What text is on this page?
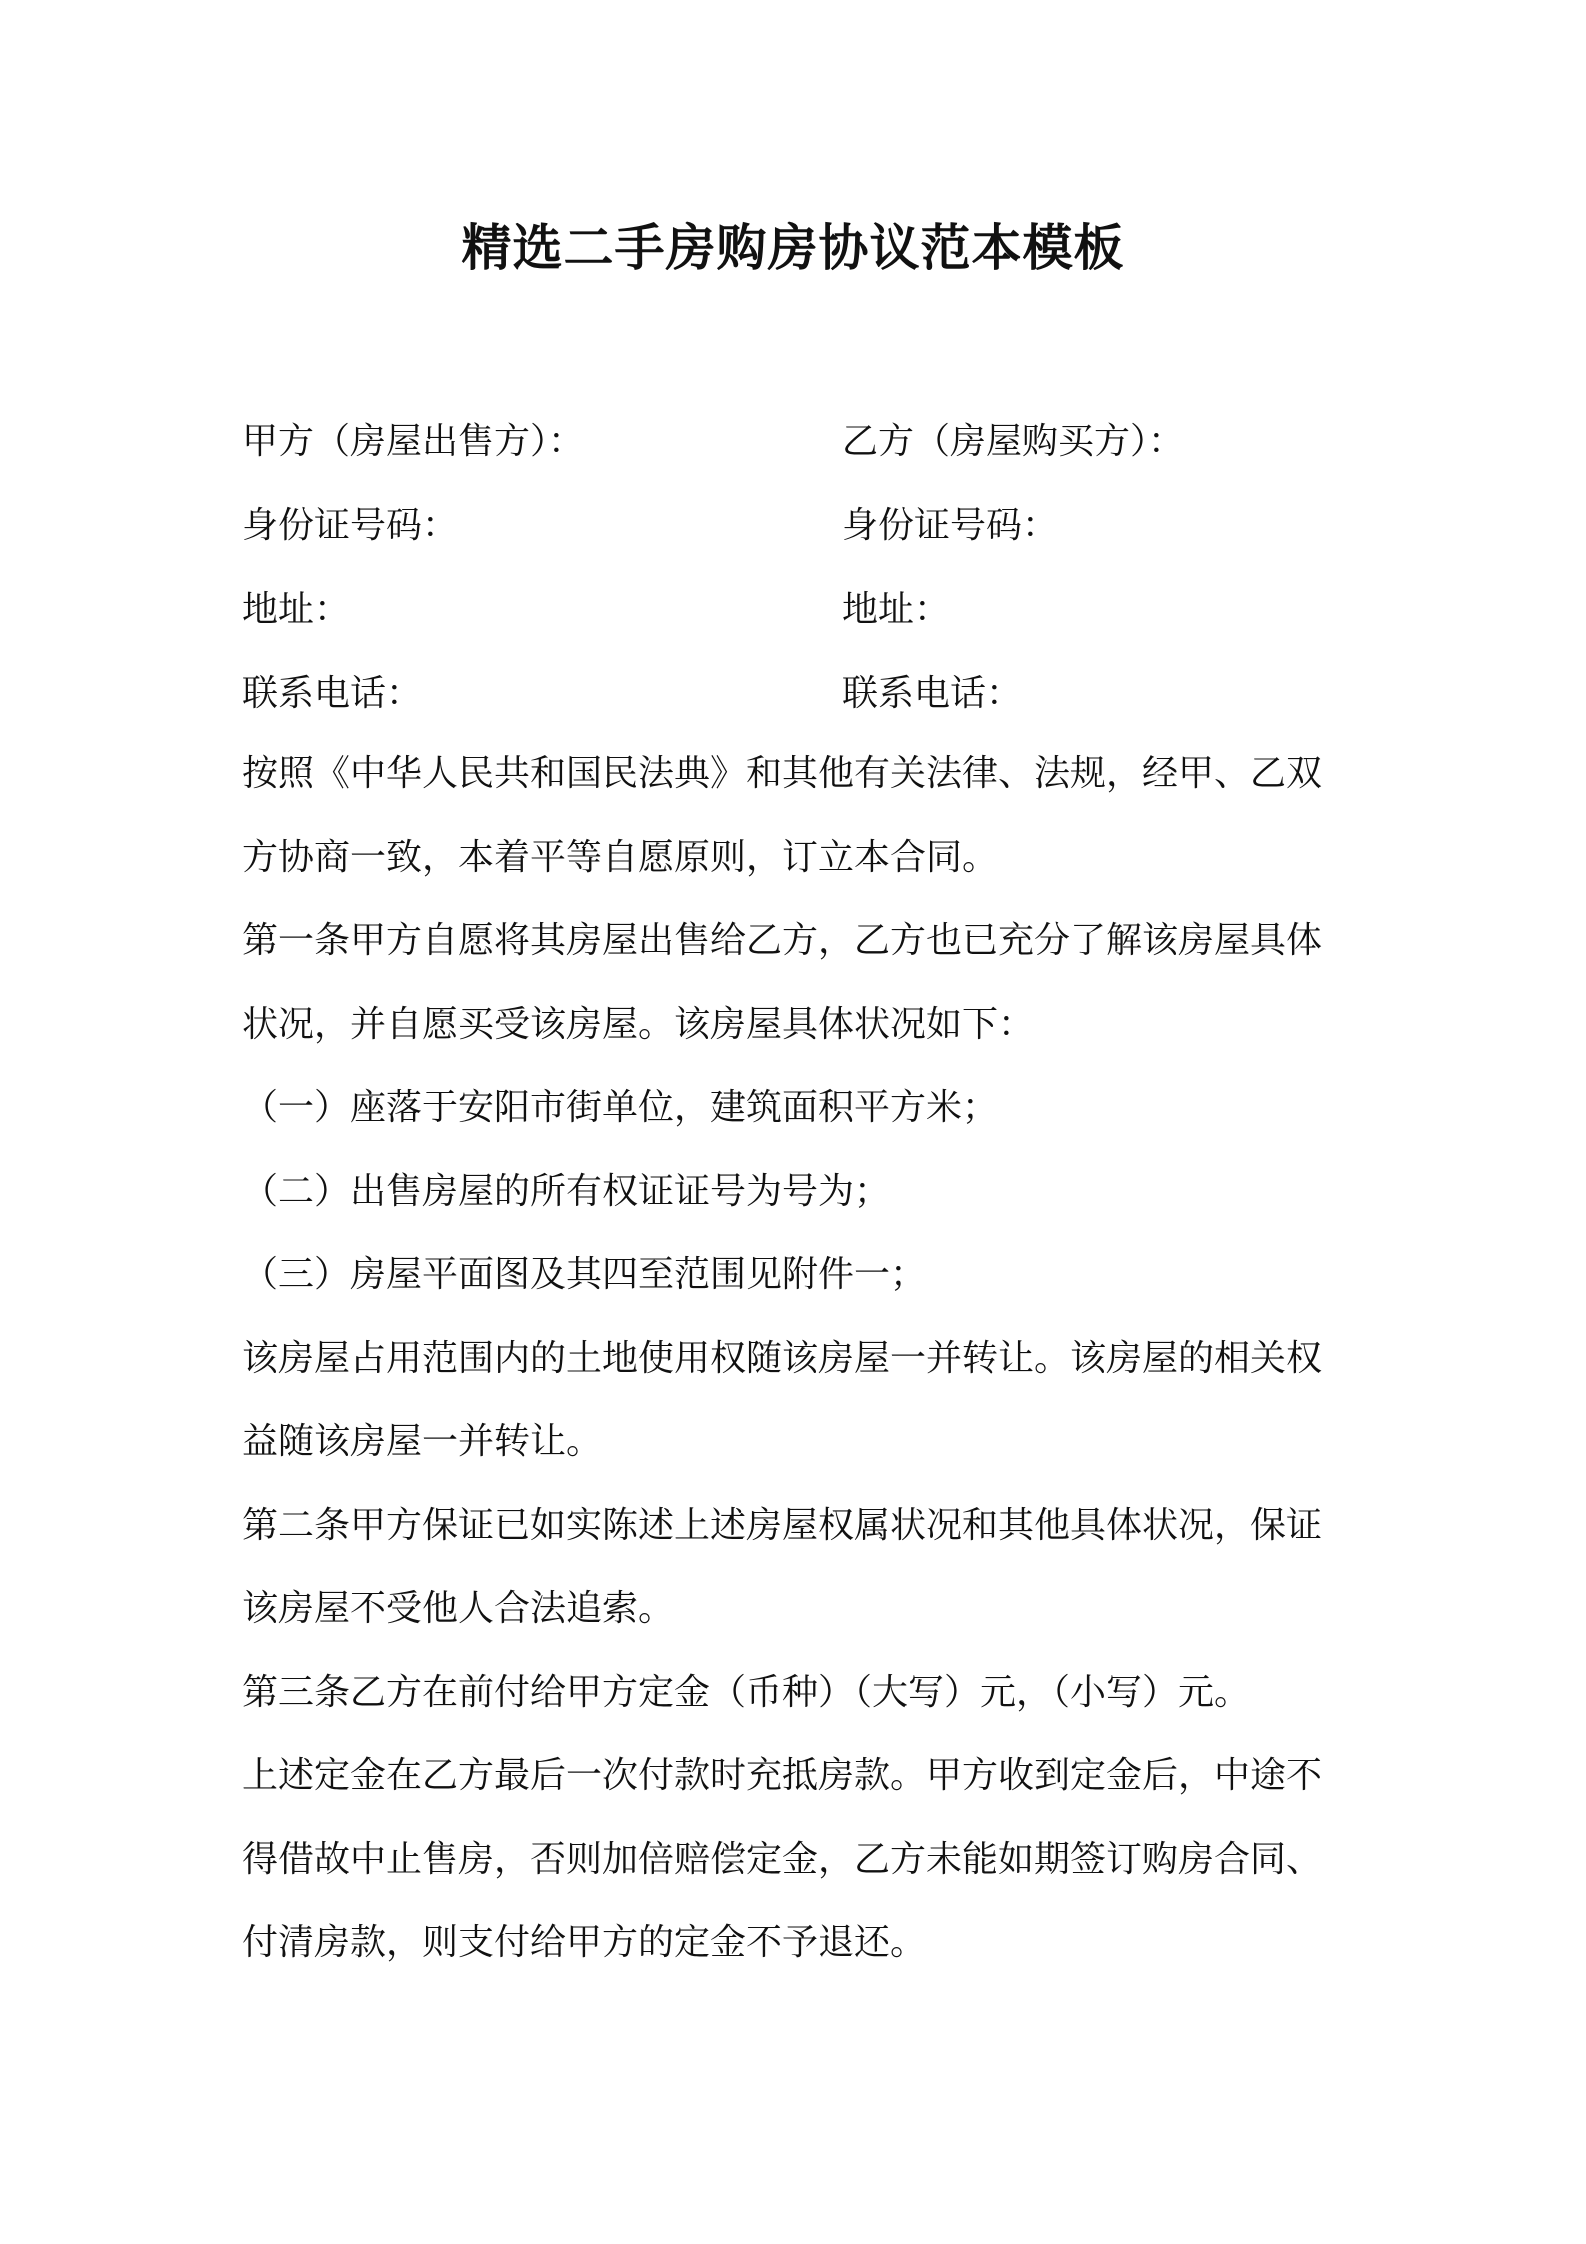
精选二手房购房协议范本模板
甲方（房屋出售方）：	乙方（房屋购买方）：
身份证号码：	身份证号码：
地址：	地址：
联系电话：	联系电话：
按照《中华人民共和国民法典》和其他有关法律、法规，经甲、乙双
方协商一致，本着平等自愿原则，订立本合同。
第一条甲方自愿将其房屋出售给乙方，乙方也已充分了解该房屋具体
状况，并自愿买受该房屋。该房屋具体状况如下：
（一）座落于安阳市街单位，建筑面积平方米；
（二）出售房屋的所有权证证号为号为；
（三）房屋平面图及其四至范围见附件一；
该房屋占用范围内的土地使用权随该房屋一并转让。该房屋的相关权
益随该房屋一并转让。
第二条甲方保证已如实陈述上述房屋权属状况和其他具体状况，保证
该房屋不受他人合法追索。
第三条乙方在前付给甲方定金（币种）（大写）元，（小写）元。
上述定金在乙方最后一次付款时充抵房款。甲方收到定金后，中途不
得借故中止售房，否则加倍赔偿定金，乙方未能如期签订购房合同、
付清房款，则支付给甲方的定金不予退还。
